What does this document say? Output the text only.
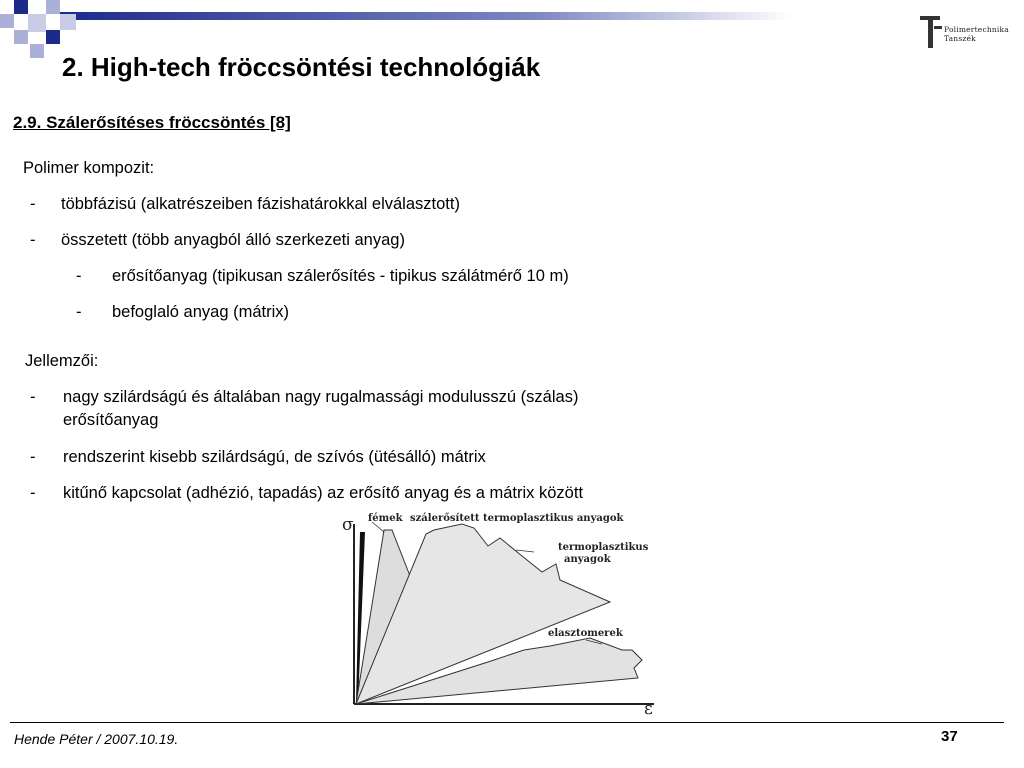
Polimertechnika
Tanszék
2. High-tech fröccsöntési technológiák
2.9. Szálerősítéses fröccsöntés [8]
Polimer kompozit:
- többfázisú (alkatrészeiben fázishatárokkal elválasztott)
- összetett (több anyagból álló szerkezeti anyag)
- erősítőanyag (tipikusan szálerősítés - tipikus szálátmérő 10 m)
- befoglaló anyag (mátrix)
Jellemzői:
- nagy szilárdságú és általában nagy rugalmassági modulusszú (szálas)
erősítőanyag
- rendszerint kisebb szilárdságú, de szívós (ütésálló) mátrix
- kitűnő kapcsolat (adhézió, tapadás) az erősítő anyag és a mátrix között
σ
ε
fémek szálerősített termoplasztikus anyagok
termoplasztikus
anyagok
elasztomerek
Hende Péter / 2007.10.19.	37
